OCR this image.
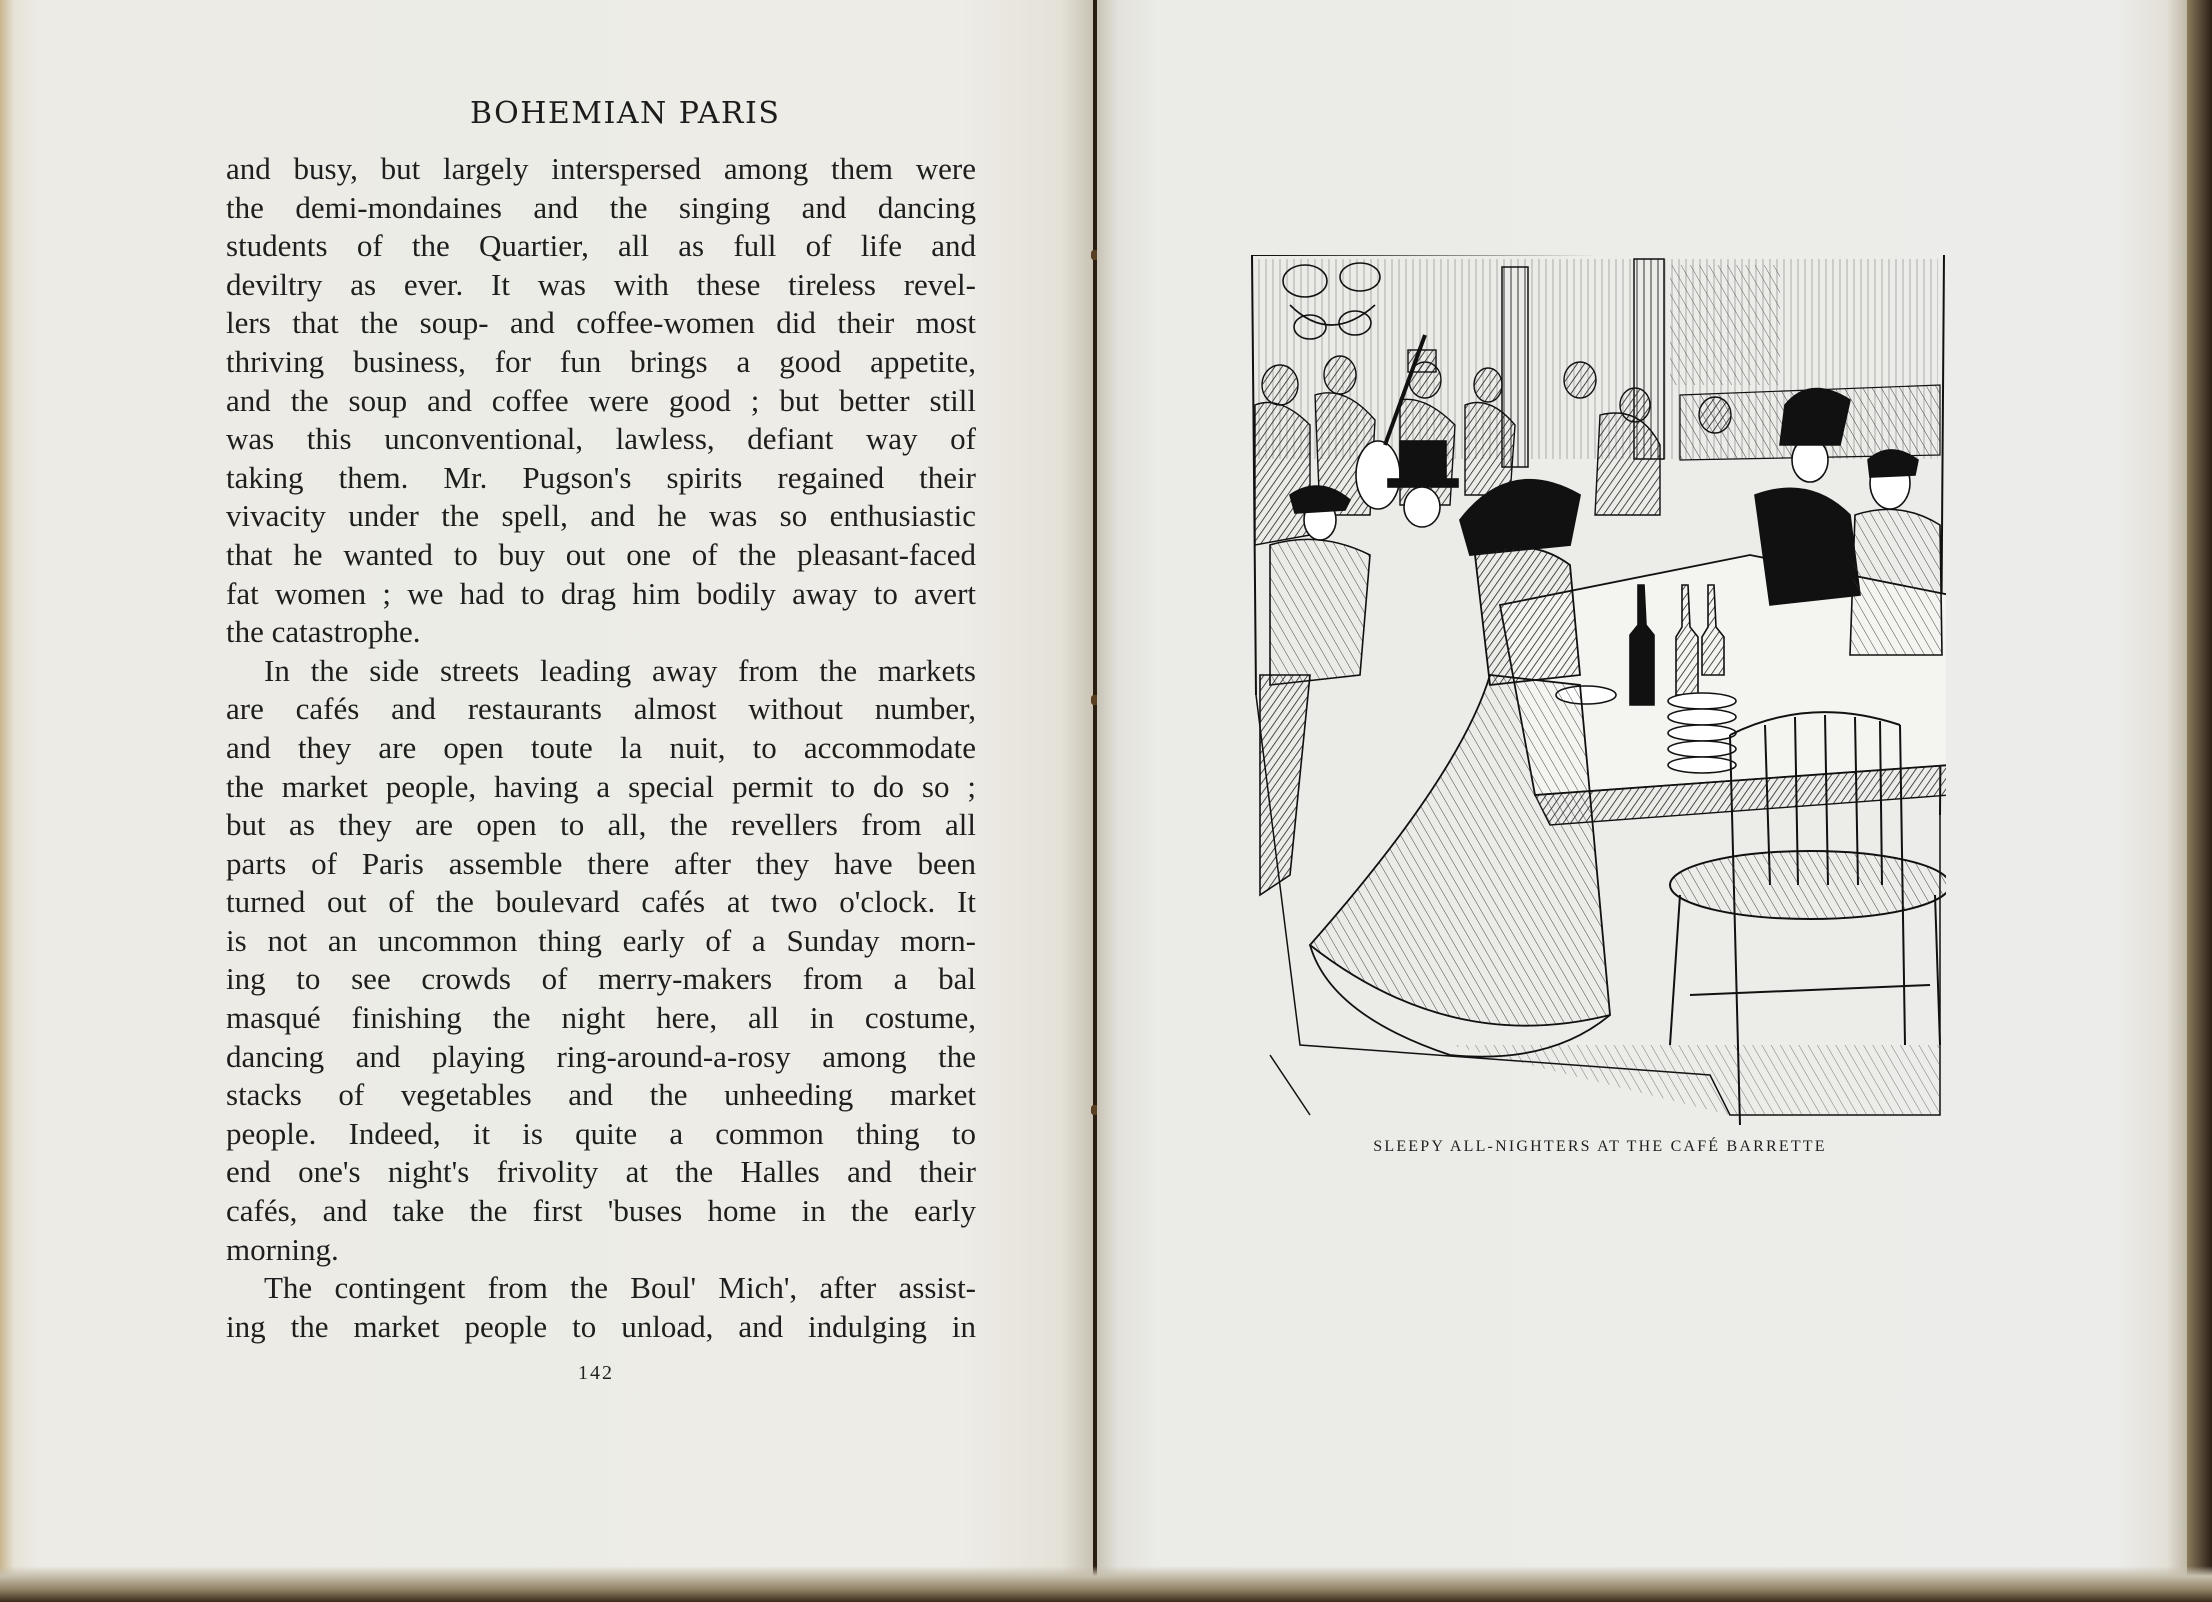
BOHEMIAN PARIS
and busy, but largely interspersed among them were
the demi-mondaines and the singing and dancing
students of the Quartier, all as full of life and
deviltry as ever. It was with these tireless revel-
lers that the soup- and coffee-women did their most
thriving business, for fun brings a good appetite,
and the soup and coffee were good ; but better still
was this unconventional, lawless, defiant way of
taking them. Mr. Pugson's spirits regained their
vivacity under the spell, and he was so enthusiastic
that he wanted to buy out one of the pleasant-faced
fat women ; we had to drag him bodily away to avert
the catastrophe.
In the side streets leading away from the markets
are cafés and restaurants almost without number,
and they are open toute la nuit, to accommodate
the market people, having a special permit to do so ;
but as they are open to all, the revellers from all
parts of Paris assemble there after they have been
turned out of the boulevard cafés at two o'clock. It
is not an uncommon thing early of a Sunday morn-
ing to see crowds of merry-makers from a bal
masqué finishing the night here, all in costume,
dancing and playing ring-around-a-rosy among the
stacks of vegetables and the unheeding market
people. Indeed, it is quite a common thing to
end one's night's frivolity at the Halles and their
cafés, and take the first 'buses home in the early
morning.
The contingent from the Boul' Mich', after assist-
ing the market people to unload, and indulging in
142
SLEEPY ALL-NIGHTERS AT THE CAFÉ BARRETTE
